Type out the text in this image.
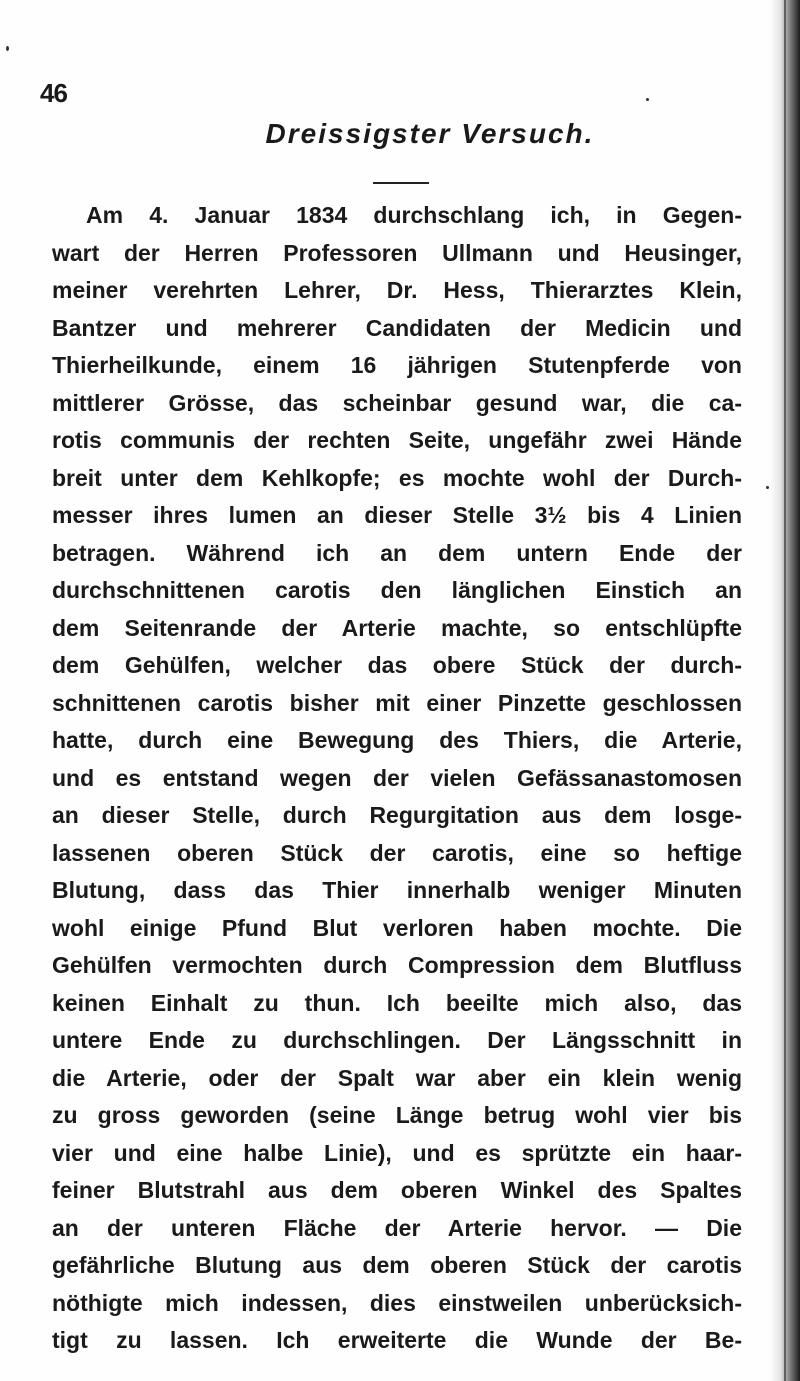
46
Dreissigster Versuch.
Am 4. Januar 1834 durchschlang ich, in Gegen-
wart der Herren Professoren Ullmann und Heusinger,
meiner verehrten Lehrer, Dr. Hess, Thierarztes Klein,
Bantzer und mehrerer Candidaten der Medicin und
Thierheilkunde, einem 16 jährigen Stutenpferde von
mittlerer Grösse, das scheinbar gesund war, die ca-
rotis communis der rechten Seite, ungefähr zwei Hände
breit unter dem Kehlkopfe; es mochte wohl der Durch-
messer ihres lumen an dieser Stelle 3½ bis 4 Linien
betragen. Während ich an dem untern Ende der
durchschnittenen carotis den länglichen Einstich an
dem Seitenrande der Arterie machte, so entschlüpfte
dem Gehülfen, welcher das obere Stück der durch-
schnittenen carotis bisher mit einer Pinzette geschlossen
hatte, durch eine Bewegung des Thiers, die Arterie,
und es entstand wegen der vielen Gefässanastomosen
an dieser Stelle, durch Regurgitation aus dem losge-
lassenen oberen Stück der carotis, eine so heftige
Blutung, dass das Thier innerhalb weniger Minuten
wohl einige Pfund Blut verloren haben mochte. Die
Gehülfen vermochten durch Compression dem Blutfluss
keinen Einhalt zu thun. Ich beeilte mich also, das
untere Ende zu durchschlingen. Der Längsschnitt in
die Arterie, oder der Spalt war aber ein klein wenig
zu gross geworden (seine Länge betrug wohl vier bis
vier und eine halbe Linie), und es sprützte ein haar-
feiner Blutstrahl aus dem oberen Winkel des Spaltes
an der unteren Fläche der Arterie hervor. — Die
gefährliche Blutung aus dem oberen Stück der carotis
nöthigte mich indessen, dies einstweilen unberücksich-
tigt zu lassen. Ich erweiterte die Wunde der Be-
